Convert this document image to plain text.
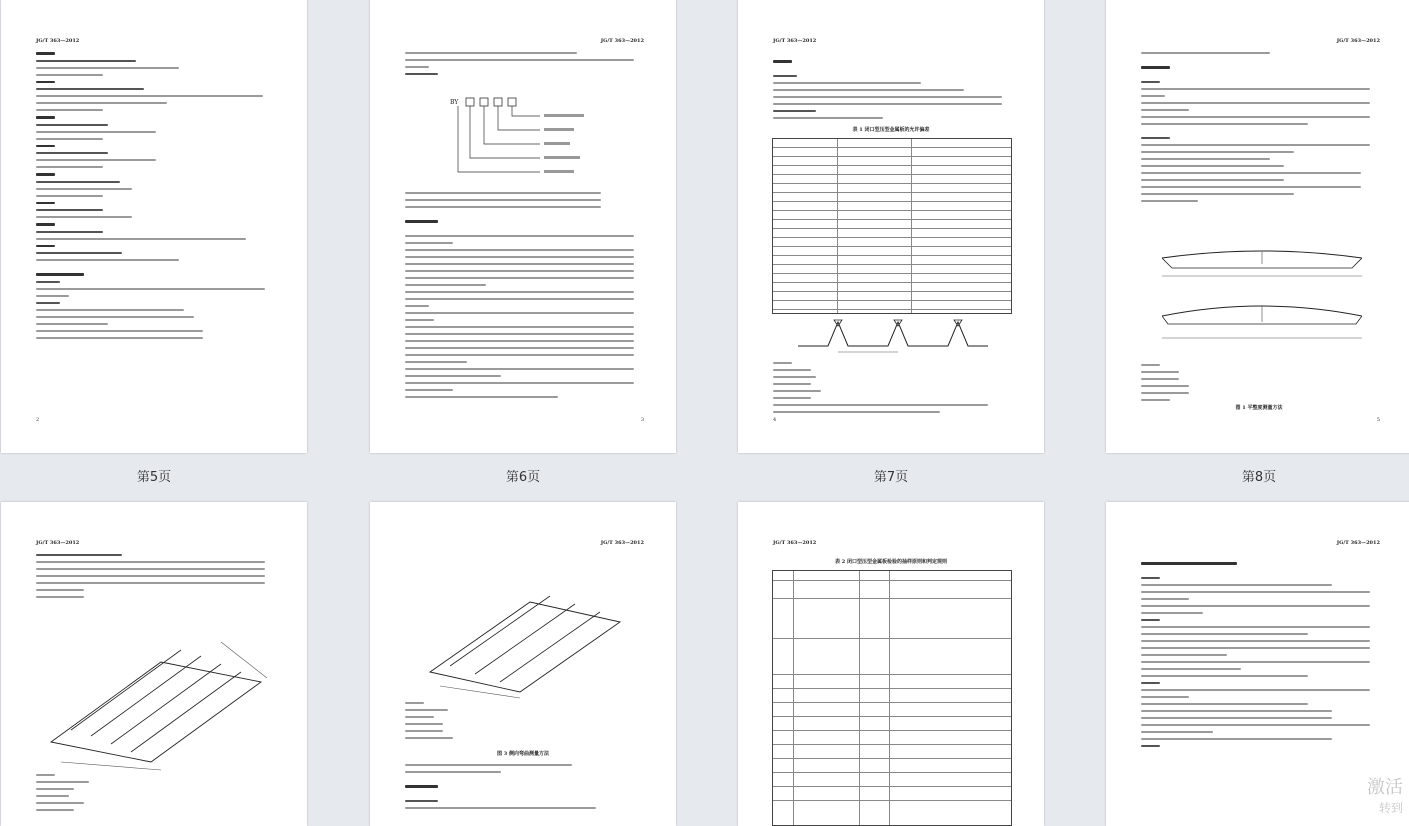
JG/T 363—2012
2
第5页
JG/T 363—2012
BY
3
第6页
JG/T 363—2012
表 1 闭口型压型金属板的允许偏差
4
第7页
JG/T 363—2012
图 1 平整度测量方法
5
第8页
JG/T 363—2012	JG/T 363—2012
图 3 侧向弯曲测量方法
JG/T 363—2012
表 2 闭口型压型金属板检验的抽样原则和判定规则
JG/T 363—2012
激活
转到
